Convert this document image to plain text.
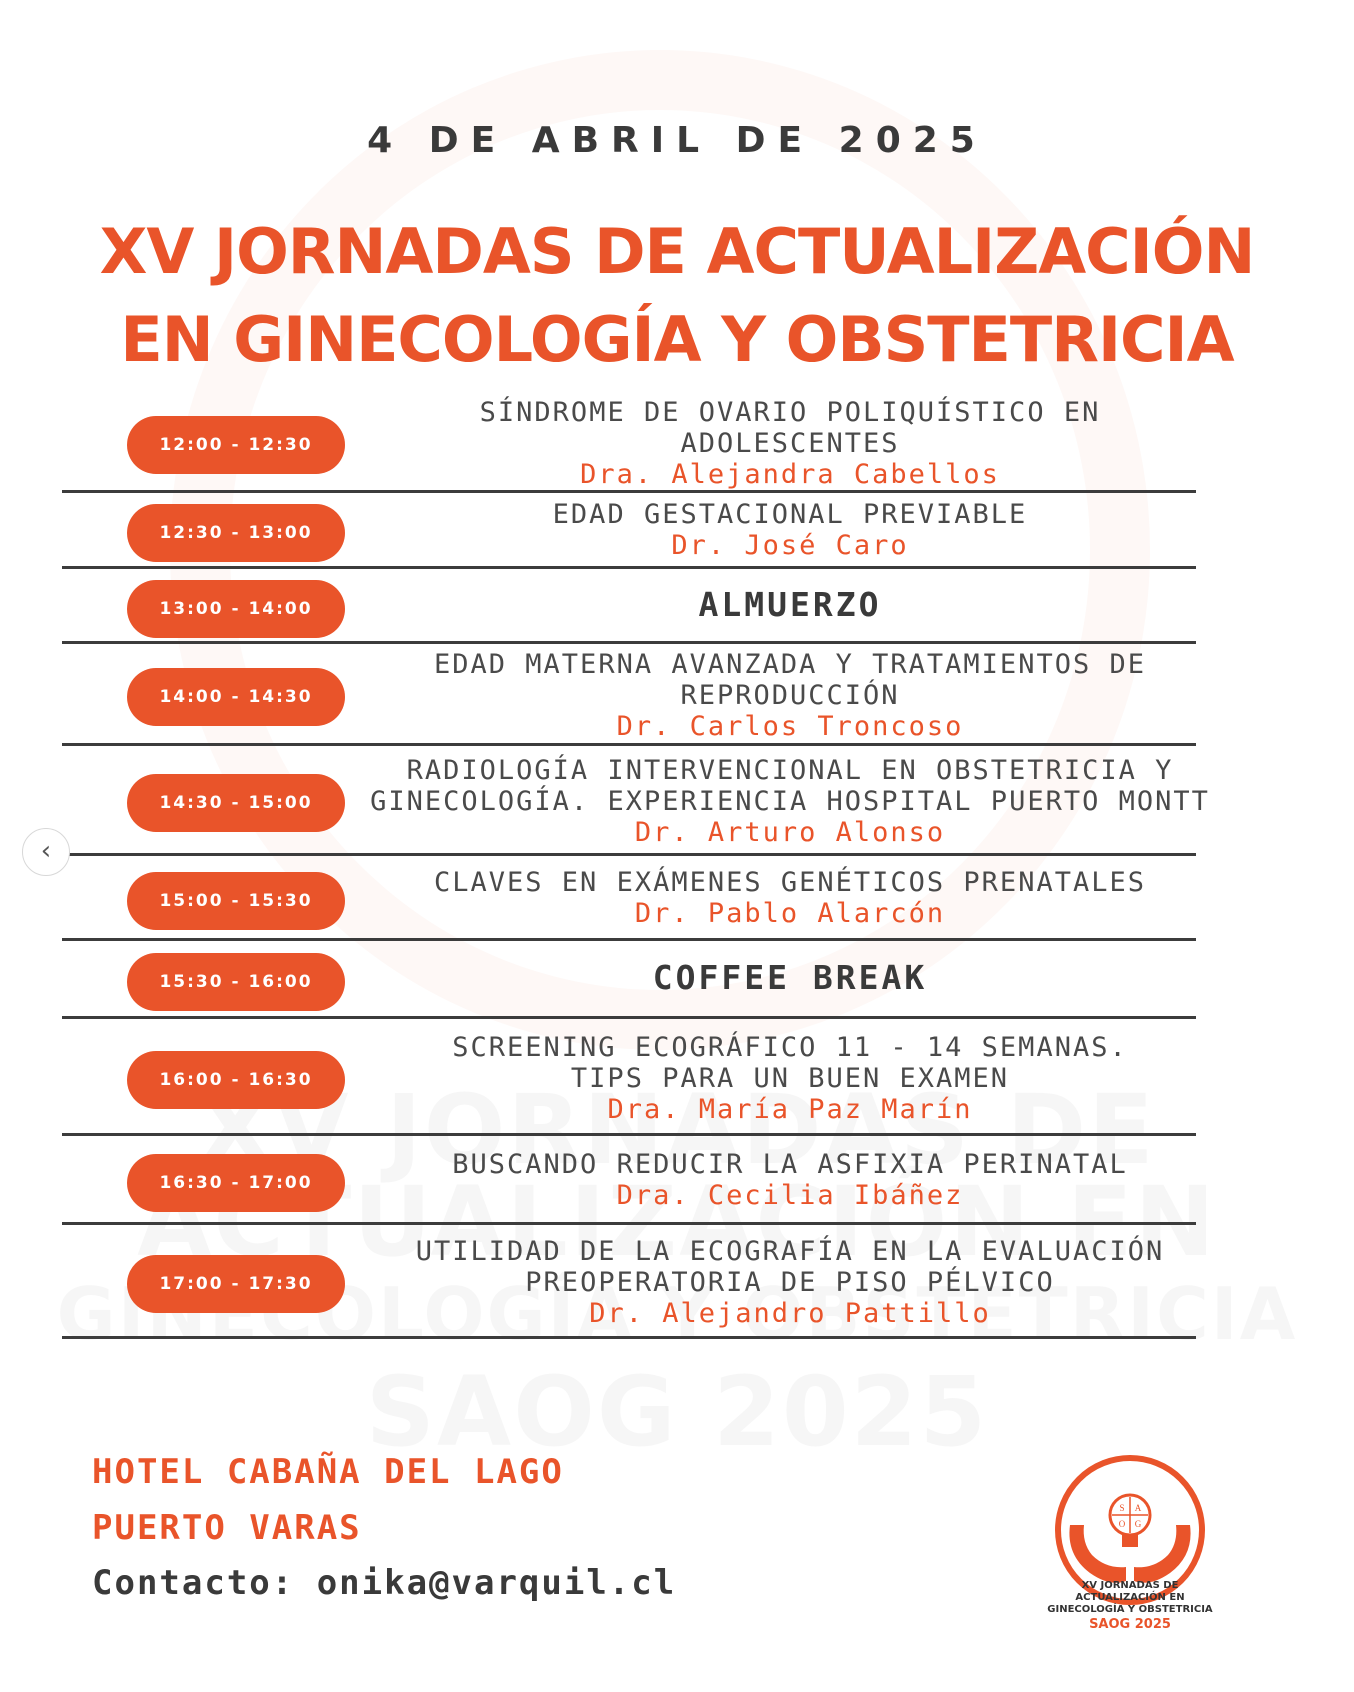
4 DE ABRIL DE 2025
XV JORNADAS DE ACTUALIZACIÓN
EN GINECOLOGÍA Y OBSTETRICIA
12:00 - 12:30
SÍNDROME DE OVARIO POLIQUÍSTICO EN
ADOLESCENTES
Dra. Alejandra Cabellos
12:30 - 13:00
EDAD GESTACIONAL PREVIABLE
Dr. José Caro
13:00 - 14:00	ALMUERZO
14:00 - 14:30
EDAD MATERNA AVANZADA Y TRATAMIENTOS DE
REPRODUCCIÓN
Dr. Carlos Troncoso
14:30 - 15:00
RADIOLOGÍA INTERVENCIONAL EN OBSTETRICIA Y
GINECOLOGÍA. EXPERIENCIA HOSPITAL PUERTO MONTT
Dr. Arturo Alonso
15:00 - 15:30
CLAVES EN EXÁMENES GENÉTICOS PRENATALES
Dr. Pablo Alarcón
15:30 - 16:00	COFFEE BREAK
16:00 - 16:30
SCREENING ECOGRÁFICO 11 - 14 SEMANAS.
TIPS PARA UN BUEN EXAMEN
Dra. María Paz Marín
16:30 - 17:00
BUSCANDO REDUCIR LA ASFIXIA PERINATAL
Dra. Cecilia Ibáñez
17:00 - 17:30
UTILIDAD DE LA ECOGRAFÍA EN LA EVALUACIÓN
PREOPERATORIA DE PISO PÉLVICO
Dr. Alejandro Pattillo
HOTEL CABAÑA DEL LAGO
PUERTO VARAS
Contacto: onika@varquil.cl
S A
O G
XV JORNADAS DE
ACTUALIZACIÓN EN
GINECOLOGÍA Y OBSTETRICIA
SAOG 2025
‹
